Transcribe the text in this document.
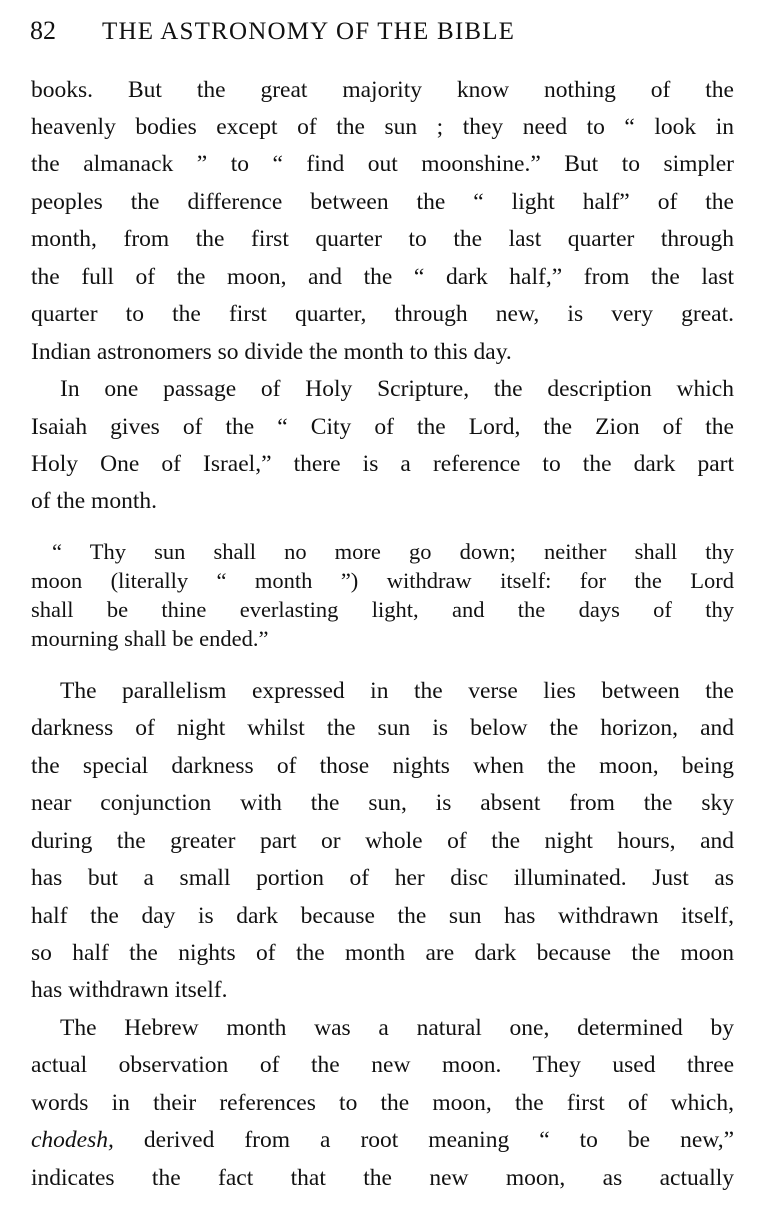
82 THE ASTRONOMY OF THE BIBLE
books. But the great majority know nothing of the
heavenly bodies except of the sun ; they need to “ look in
the almanack ” to “ find out moonshine.” But to simpler
peoples the difference between the “ light half” of the
month, from the first quarter to the last quarter through
the full of the moon, and the “ dark half,” from the last
quarter to the first quarter, through new, is very great.
Indian astronomers so divide the month to this day.
In one passage of Holy Scripture, the description which
Isaiah gives of the “ City of the Lord, the Zion of the
Holy One of Israel,” there is a reference to the dark part
of the month.
“ Thy sun shall no more go down; neither shall thy
moon (literally “ month ”) withdraw itself: for the Lord
shall be thine everlasting light, and the days of thy
mourning shall be ended.”
The parallelism expressed in the verse lies between the
darkness of night whilst the sun is below the horizon, and
the special darkness of those nights when the moon, being
near conjunction with the sun, is absent from the sky
during the greater part or whole of the night hours, and
has but a small portion of her disc illuminated. Just as
half the day is dark because the sun has withdrawn itself,
so half the nights of the month are dark because the moon
has withdrawn itself.
The Hebrew month was a natural one, determined by
actual observation of the new moon. They used three
words in their references to the moon, the first of which,
chodesh, derived from a root meaning “ to be new,”
indicates the fact that the new moon, as actually
